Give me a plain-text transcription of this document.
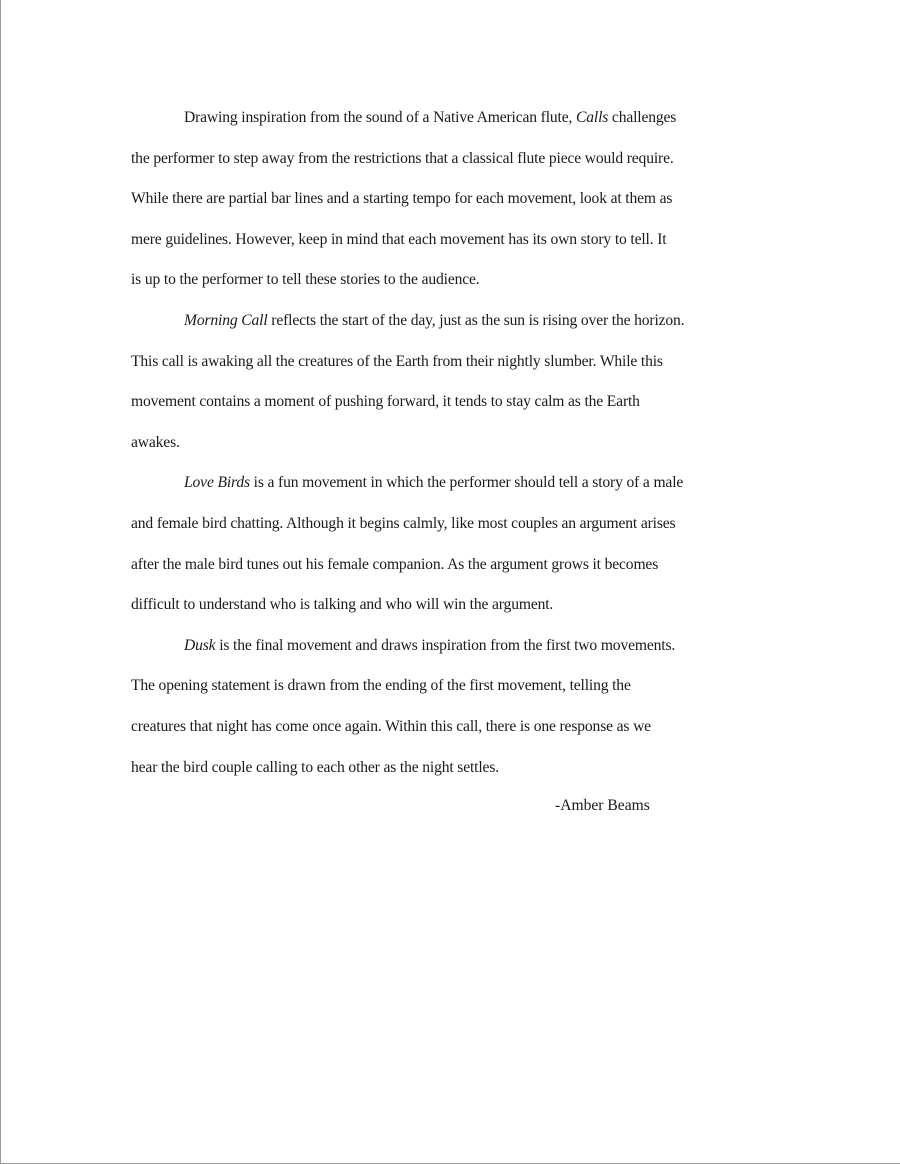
Drawing inspiration from the sound of a Native American flute, Calls challenges
the performer to step away from the restrictions that a classical flute piece would require.
While there are partial bar lines and a starting tempo for each movement, look at them as
mere guidelines. However, keep in mind that each movement has its own story to tell. It
is up to the performer to tell these stories to the audience.

Morning Call reflects the start of the day, just as the sun is rising over the horizon.
This call is awaking all the creatures of the Earth from their nightly slumber. While this
movement contains a moment of pushing forward, it tends to stay calm as the Earth
awakes.

Love Birds is a fun movement in which the performer should tell a story of a male
and female bird chatting. Although it begins calmly, like most couples an argument arises
after the male bird tunes out his female companion. As the argument grows it becomes
difficult to understand who is talking and who will win the argument.

Dusk is the final movement and draws inspiration from the first two movements.
The opening statement is drawn from the ending of the first movement, telling the
creatures that night has come once again. Within this call, there is one response as we
hear the bird couple calling to each other as the night settles.

-Amber Beams
